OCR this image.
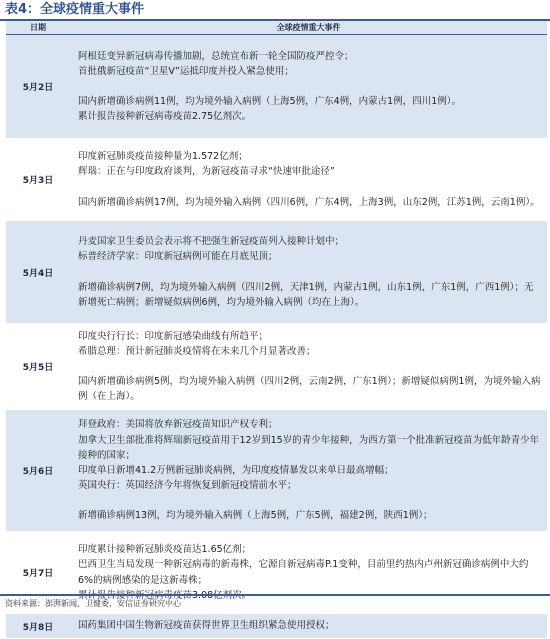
表4：全球疫情重大事件
日期	全球疫情重大事件
5月2日	阿根廷变异新冠病毒传播加剧，总统宣布新一轮全国防疫严控令；
首批俄新冠疫苗“卫星V”运抵印度并投入紧急使用；
国内新增确诊病例11例，均为境外输入病例（上海5例，广东4例，内蒙古1例，四川1例）。
累计报告接种新冠病毒疫苗2.75亿剂次。

5月3日	印度新冠肺炎疫苗接种量为1.572亿剂；
辉瑞：正在与印度政府谈判，为新冠疫苗寻求“快速审批途径”
国内新增确诊病例17例，均为境外输入病例（四川6例，广东4例，上海3例，山东2例，江苏1例，云南1例）。

5月4日	丹麦国家卫生委员会表示将不把强生新冠疫苗列入接种计划中；
标普经济学家：印度新冠病例可能在月底见顶；
新增确诊病例7例，均为境外输入病例（四川2例，天津1例，内蒙古1例，山东1例，广东1例，广西1例）；无新增死亡病例；新增疑似病例6例，均为境外输入病例（均在上海）。

5月5日	印度央行行长：印度新冠感染曲线有所趋平；
希腊总理：预计新冠肺炎疫情将在未来几个月显著改善；
国内新增确诊病例5例，均为境外输入病例（四川2例，云南2例，广东1例）；新增疑似病例1例，为境外输入病例（在上海）。

5月6日	拜登政府：美国将放弃新冠疫苗知识产权专利；
加拿大卫生部批准将辉瑞新冠疫苗用于12岁到15岁的青少年接种，为西方第一个批准新冠疫苗为低年龄青少年接种的国家；
印度单日新增41.2万例新冠肺炎病例，为印度疫情暴发以来单日最高增幅；
英国央行：英国经济今年将恢复到新冠疫情前水平；
新增确诊病例13例，均为境外输入病例（上海5例，广东5例，福建2例，陕西1例）；

5月7日	印度累计接种新冠肺炎疫苗达1.65亿剂；
巴西卫生当局发现一种新冠病毒的新毒株，它源自新冠病毒P.1变种，目前里约热内卢州新冠确诊病例中大约6%的病例感染的是这新毒株；
累计报告接种新冠病毒疫苗3.08亿剂次。

5月8日	国药集团中国生物新冠疫苗获得世界卫生组织紧急使用授权；
资料来源：澎湃新闻，卫健委，安信证券研究中心
